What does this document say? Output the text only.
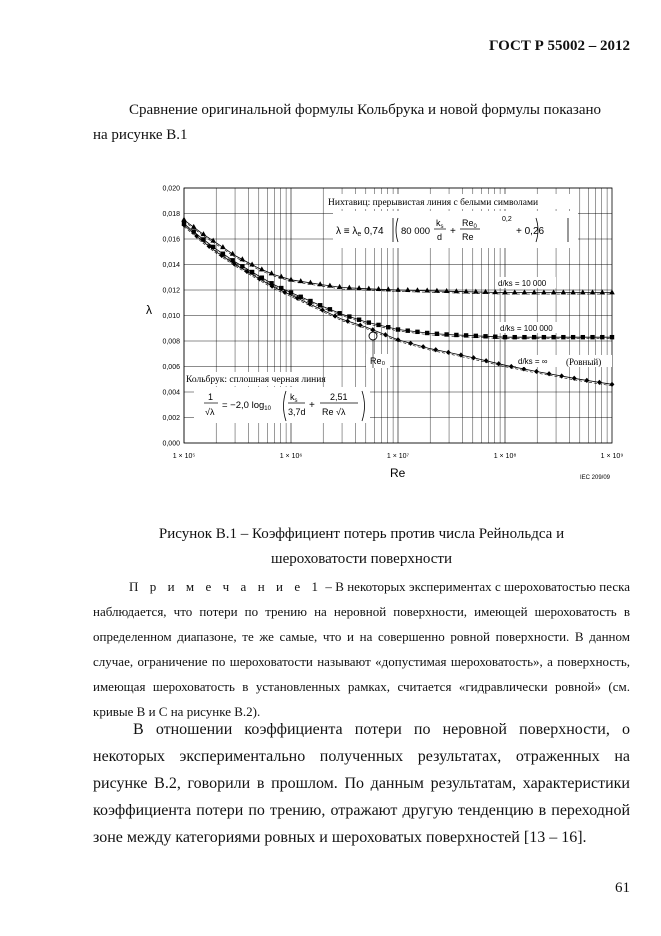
ГОСТ Р 55002 – 2012
Сравнение оригинальной формулы Кольбрука и новой формулы показано
на рисунке В.1
0,000
0,002
0,004
0,006
0,008
0,010
0,012
0,014
0,016
0,018
0,020
1 × 10⁵	1 × 10⁶	1 × 10⁷	1 × 10⁸	1 × 10⁹
λ
Re	IEC 209/09
Нихтавиц: прерывистая линия с белыми символами
$\lambda \equiv \lambda_e$ 0,74 80 000
$k_s$
d +
$Re_0$
Re
0,2
+ 0,26
Кольбрук: сплошная черная линия
1
√λ
= −2,0 $\log_{10}$
$k_s$
3,7d
+
2,51
Re √λ
d/ks = 10 000
d/ks = 100 000
d/ks = ∞ (Ровный)
Re₀
Рисунок В.1 – Коэффициент потерь против числа Рейнольдса и
шероховатости поверхности
П р и м е ч а н и е 1 – В некоторых экспериментах с шероховатостью песка наблюдается, что потери по трению на неровной поверхности, имеющей шероховатость в определенном диапазоне, те же самые, что и на совершенно ровной поверхности. В данном случае, ограничение по шероховатости называют «допустимая шероховатость», а поверхность, имеющая шероховатость в установленных рамках, считается «гидравлически ровной» (см. кривые В и С на рисунке В.2).
В отношении коэффициента потери по неровной поверхности, о некоторых экспериментально полученных результатах, отраженных на рисунке В.2, говорили в прошлом. По данным результатам, характеристики коэффициента потери по трению, отражают другую тенденцию в переходной зоне между категориями ровных и шероховатых поверхностей [13 – 16].
61
